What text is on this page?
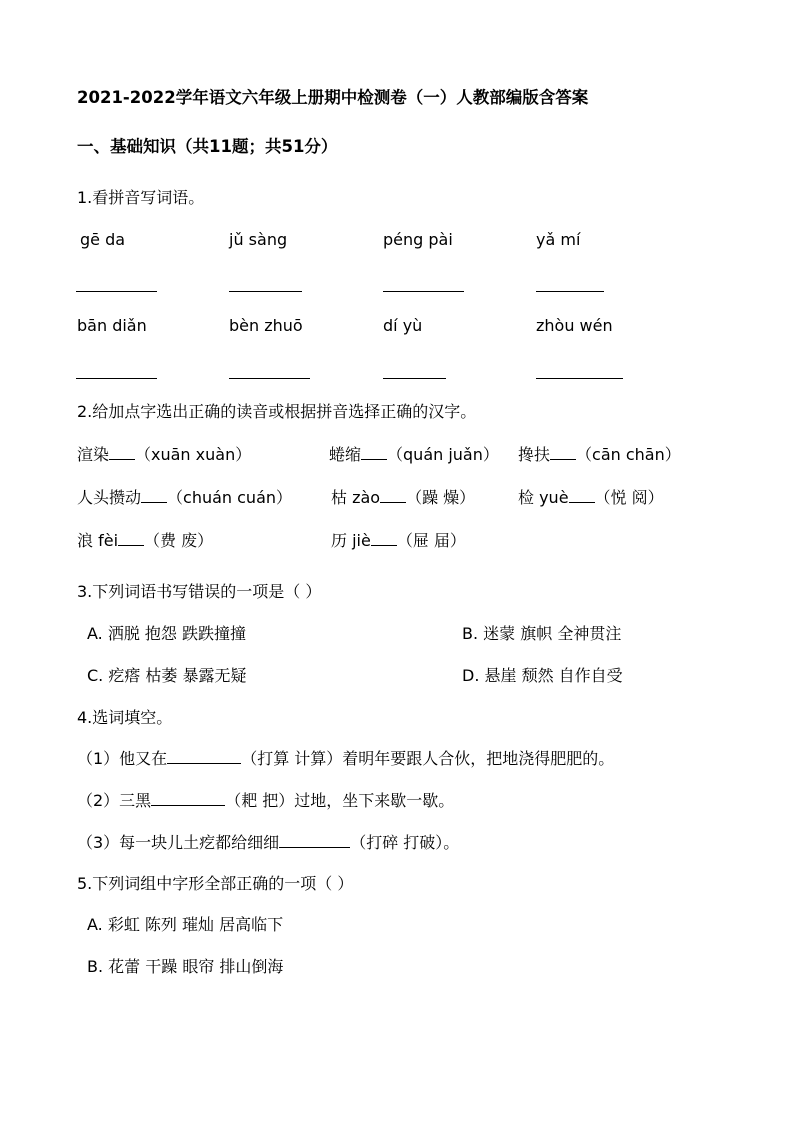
2021-2022学年语文六年级上册期中检测卷（一）人教部编版含答案
一、基础知识（共11题；共51分）
1.看拼音写词语。
gē da	jǔ sàng	péng pài	yǎ mí
bān diǎn	bèn zhuō	dí yù	zhòu wén
2.给加点字选出正确的读音或根据拼音选择正确的汉字。
渲染 （xuān xuàn）	蜷缩 （quán juǎn） 搀扶 （cān chān）
人头攒动 （chuán cuán） 枯 zào （躁 燥）	检 yuè （悦 阅）
浪 fèi （费 废）	历 jiè （屉 届）
3.下列词语书写错误的一项是（ ）
A. 洒脱 抱怨 跌跌撞撞	B. 迷蒙 旗帜 全神贯注
C. 疙瘩 枯萎 暴露无疑	D. 悬崖 颓然 自作自受
4.选词填空。
（1）他又在	（打算 计算）着明年要跟人合伙，把地浇得肥肥的。
（2）三黑	（耙 把）过地，坐下来歇一歇。
（3）每一块儿土疙都给细细	（打碎 打破）。
5.下列词组中字形全部正确的一项（ ）
A. 彩虹 陈列 璀灿 居高临下
B. 花蕾 干躁 眼帘 排山倒海
